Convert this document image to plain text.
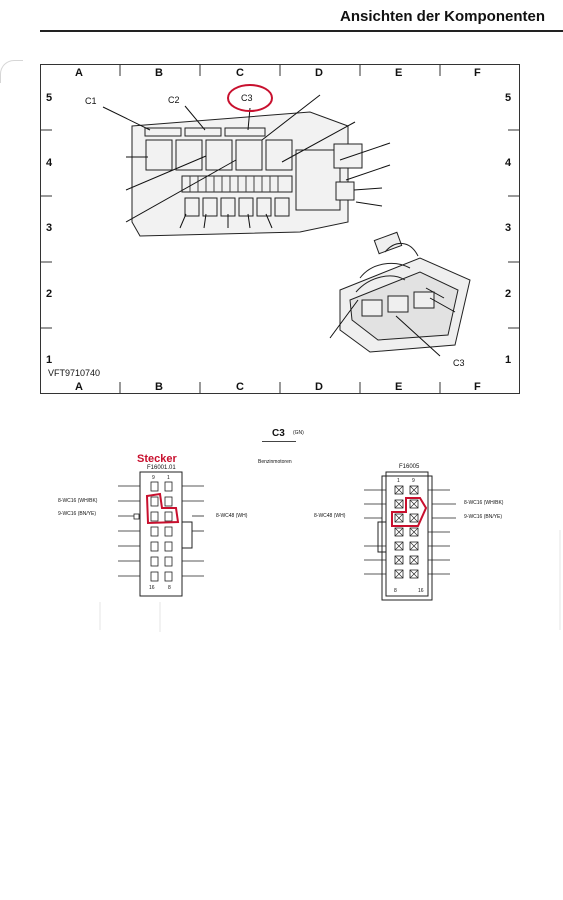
Ansichten der Komponenten
A	B	C	D	E	F
A	B	C	D	E	F
5
4
3
2
1
5
4
3
2
1
C1	C2	C3
C3
VFT9710740
C3 (GN)
Benzinmotoren
Stecker
F16001.01
9 1
16	8
8-WC16 (WH/BK)
9-WC16 (BN/YE)	8-WC48 (WH)
F16005
1 9
8	16
8-WC48 (WH)
8-WC16 (WH/BK)
9-WC16 (BN/YE)
